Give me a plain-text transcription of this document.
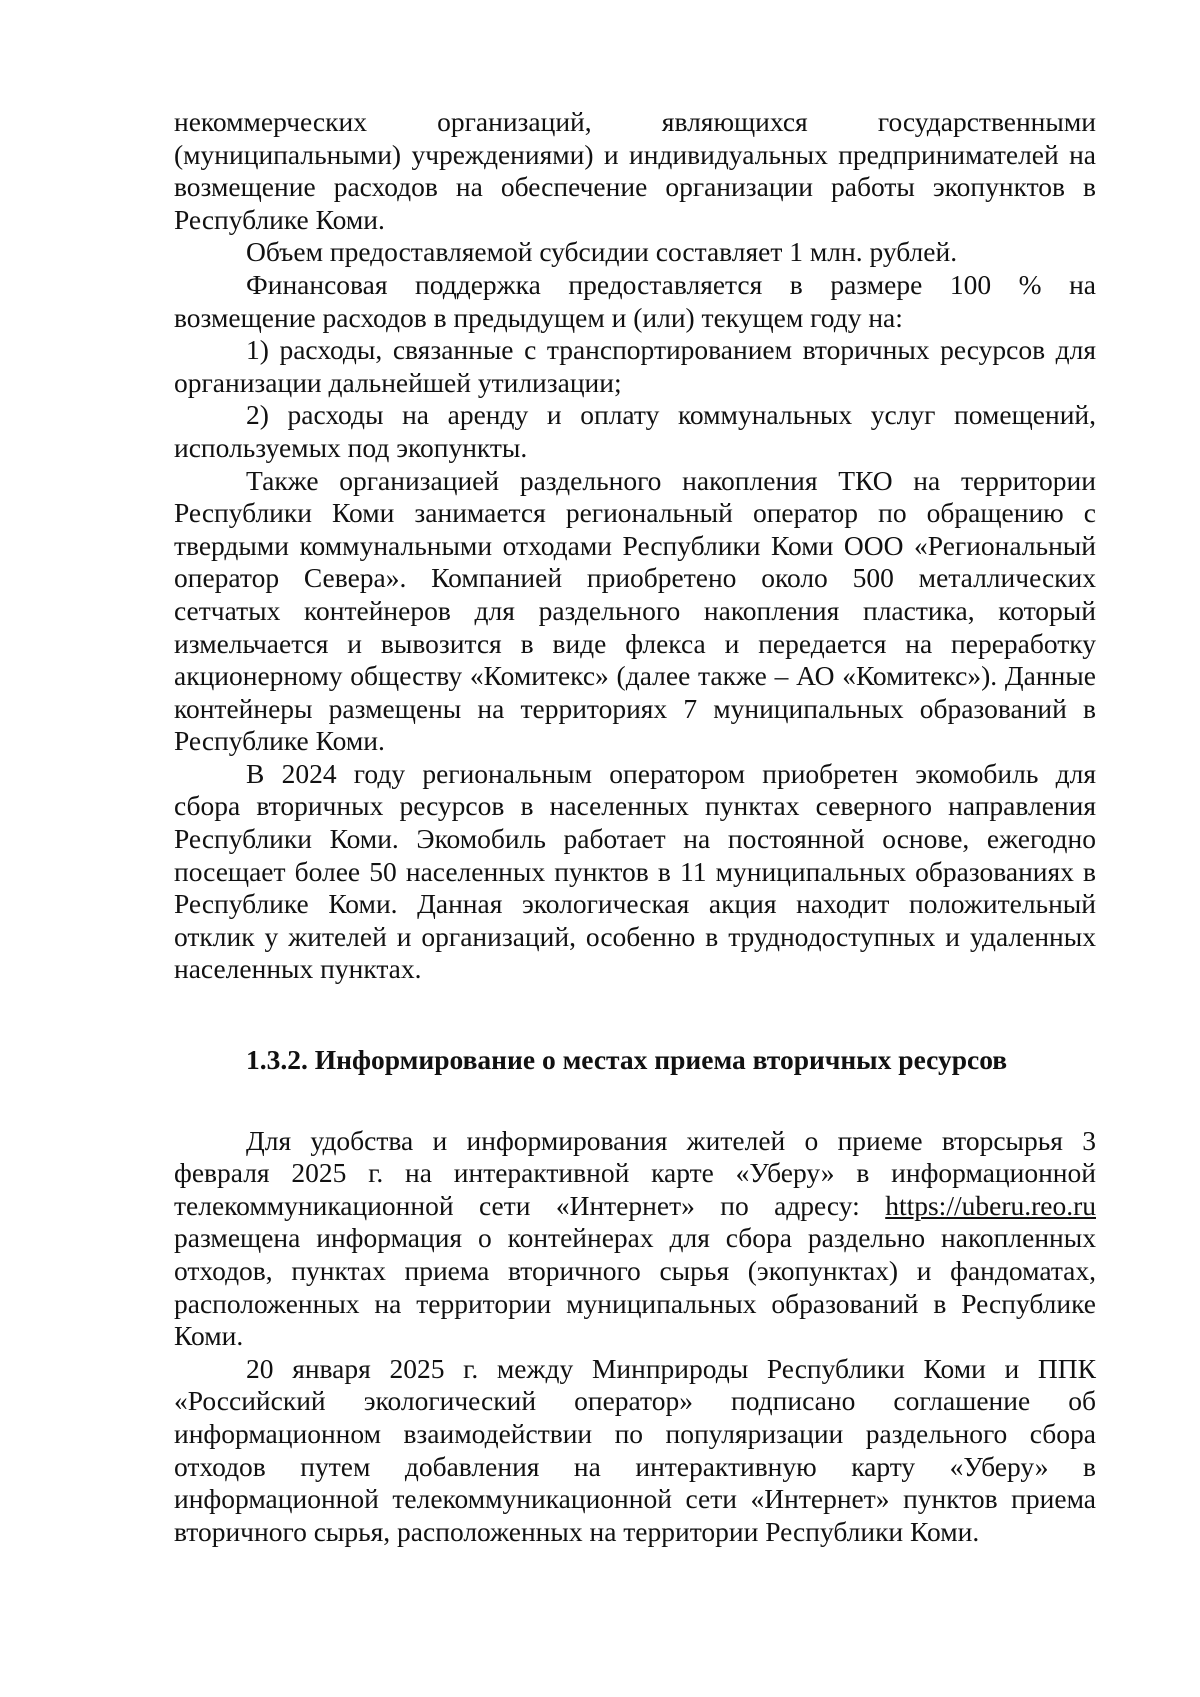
некоммерческих организаций, являющихся государственными (муниципальными) учреждениями) и индивидуальных предпринимателей на возмещение расходов на обеспечение организации работы экопунктов в Республике Коми.

Объем предоставляемой субсидии составляет 1 млн. рублей.

Финансовая поддержка предоставляется в размере 100 % на возмещение расходов в предыдущем и (или) текущем году на:

1) расходы, связанные с транспортированием вторичных ресурсов для организации дальнейшей утилизации;

2) расходы на аренду и оплату коммунальных услуг помещений, используемых под экопункты.

Также организацией раздельного накопления ТКО на территории Республики Коми занимается региональный оператор по обращению с твердыми коммунальными отходами Республики Коми ООО «Региональный оператор Севера». Компанией приобретено около 500 металлических сетчатых контейнеров для раздельного накопления пластика, который измельчается и вывозится в виде флекса и передается на переработку акционерному обществу «Комитекс» (далее также – АО «Комитекс»). Данные контейнеры размещены на территориях 7 муниципальных образований в Республике Коми.

В 2024 году региональным оператором приобретен экомобиль для сбора вторичных ресурсов в населенных пунктах северного направления Республики Коми. Экомобиль работает на постоянной основе, ежегодно посещает более 50 населенных пунктов в 11 муниципальных образованиях в Республике Коми. Данная экологическая акция находит положительный отклик у жителей и организаций, особенно в труднодоступных и удаленных населенных пунктах.

1.3.2. Информирование о местах приема вторичных ресурсов

Для удобства и информирования жителей о приеме вторсырья 3 февраля 2025 г. на интерактивной карте «Уберу» в информационной телекоммуникационной сети «Интернет» по адресу: https://uberu.reo.ru размещена информация о контейнерах для сбора раздельно накопленных отходов, пунктах приема вторичного сырья (экопунктах) и фандоматах, расположенных на территории муниципальных образований в Республике Коми.

20 января 2025 г. между Минприроды Республики Коми и ППК «Российский экологический оператор» подписано соглашение об информационном взаимодействии по популяризации раздельного сбора отходов путем добавления на интерактивную карту «Уберу» в информационной телекоммуникационной сети «Интернет» пунктов приема вторичного сырья, расположенных на территории Республики Коми.
